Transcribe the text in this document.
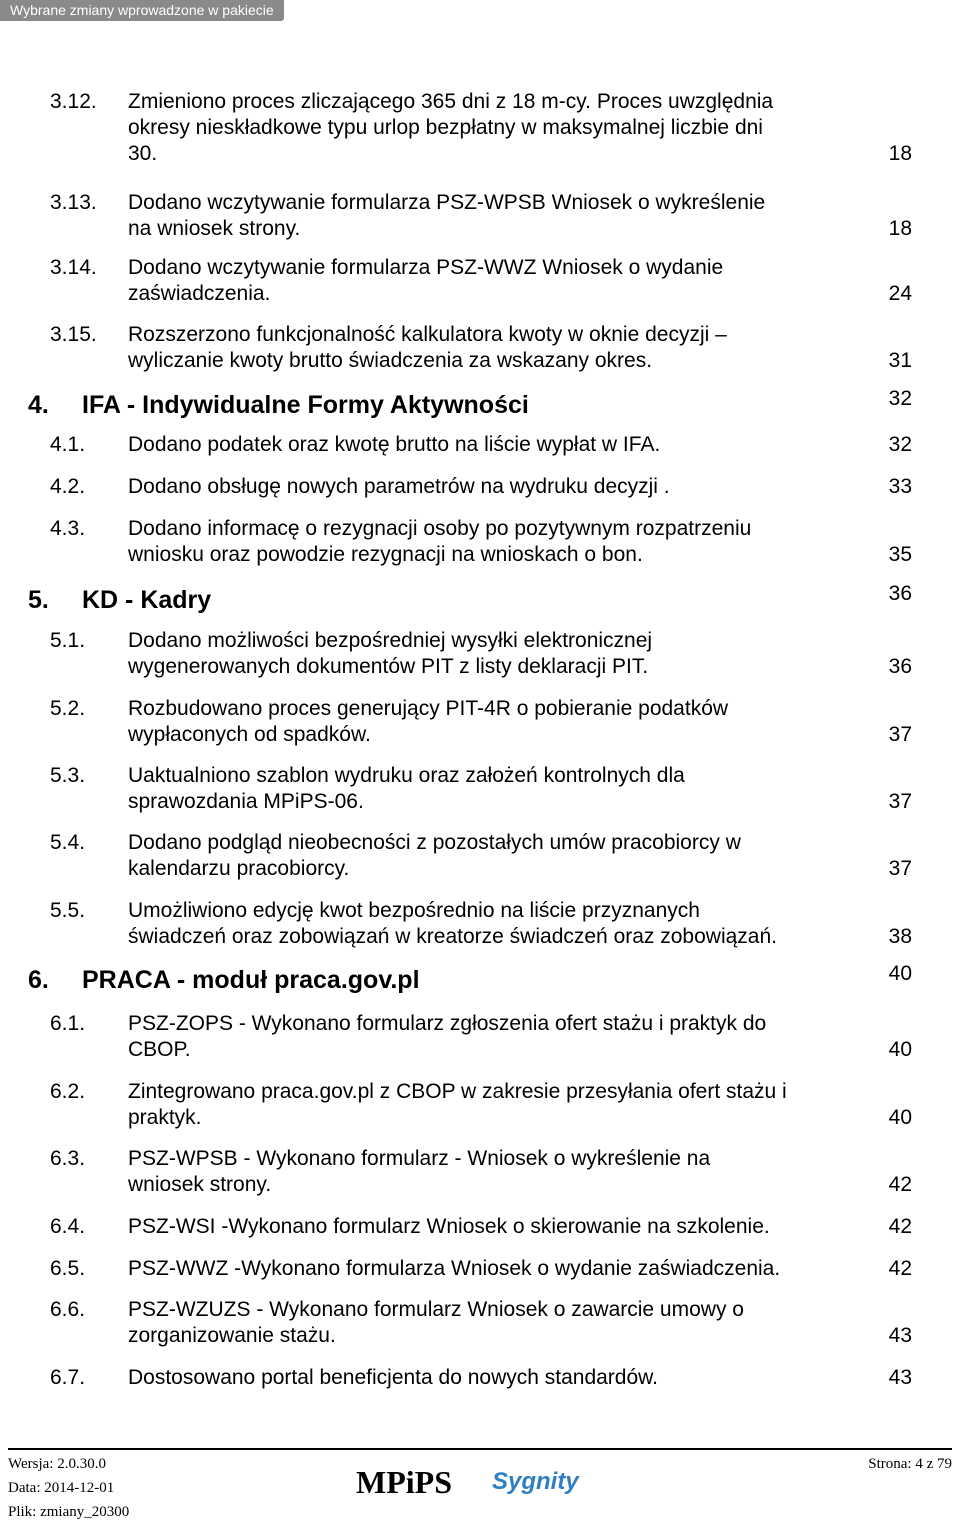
Wybrane zmiany wprowadzone w pakiecie
3.12. Zmieniono proces zliczającego 365 dni z 18 m-cy. Proces uwzględnia
okresy nieskładkowe typu urlop bezpłatny w maksymalnej liczbie dni
30.	18
3.13. Dodano wczytywanie formularza PSZ-WPSB Wniosek o wykreślenie
na wniosek strony.	18
3.14. Dodano wczytywanie formularza PSZ-WWZ Wniosek o wydanie
zaświadczenia.	24
3.15. Rozszerzono funkcjonalność kalkulatora kwoty w oknie decyzji –
wyliczanie kwoty brutto świadczenia za wskazany okres.	31
4. IFA - Indywidualne Formy Aktywności	32
4.1. Dodano podatek oraz kwotę brutto na liście wypłat w IFA.	32
4.2. Dodano obsługę nowych parametrów na wydruku decyzji .	33
4.3. Dodano informacę o rezygnacji osoby po pozytywnym rozpatrzeniu
wniosku oraz powodzie rezygnacji na wnioskach o bon.	35
5. KD - Kadry	36
5.1. Dodano możliwości bezpośredniej wysyłki elektronicznej
wygenerowanych dokumentów PIT z listy deklaracji PIT.	36
5.2. Rozbudowano proces generujący PIT-4R o pobieranie podatków
wypłaconych od spadków.	37
5.3. Uaktualniono szablon wydruku oraz założeń kontrolnych dla
sprawozdania MPiPS-06.	37
5.4. Dodano podgląd nieobecności z pozostałych umów pracobiorcy w
kalendarzu pracobiorcy.	37
5.5. Umożliwiono edycję kwot bezpośrednio na liście przyznanych
świadczeń oraz zobowiązań w kreatorze świadczeń oraz zobowiązań.	38
6. PRACA - moduł praca.gov.pl	40
6.1. PSZ-ZOPS - Wykonano formularz zgłoszenia ofert stażu i praktyk do
CBOP.	40
6.2. Zintegrowano praca.gov.pl z CBOP w zakresie przesyłania ofert stażu i
praktyk.	40
6.3. PSZ-WPSB - Wykonano formularz - Wniosek o wykreślenie na
wniosek strony.	42
6.4. PSZ-WSI -Wykonano formularz Wniosek o skierowanie na szkolenie.	42
6.5. PSZ-WWZ -Wykonano formularza Wniosek o wydanie zaświadczenia.	42
6.6. PSZ-WZUZS - Wykonano formularz Wniosek o zawarcie umowy o
zorganizowanie stażu.	43
6.7. Dostosowano portal beneficjenta do nowych standardów.	43
Wersja: 2.0.30.0
Data: 2014-12-01
Plik: zmiany_20300
MPiPS Sygnity
Strona: 4 z 79
